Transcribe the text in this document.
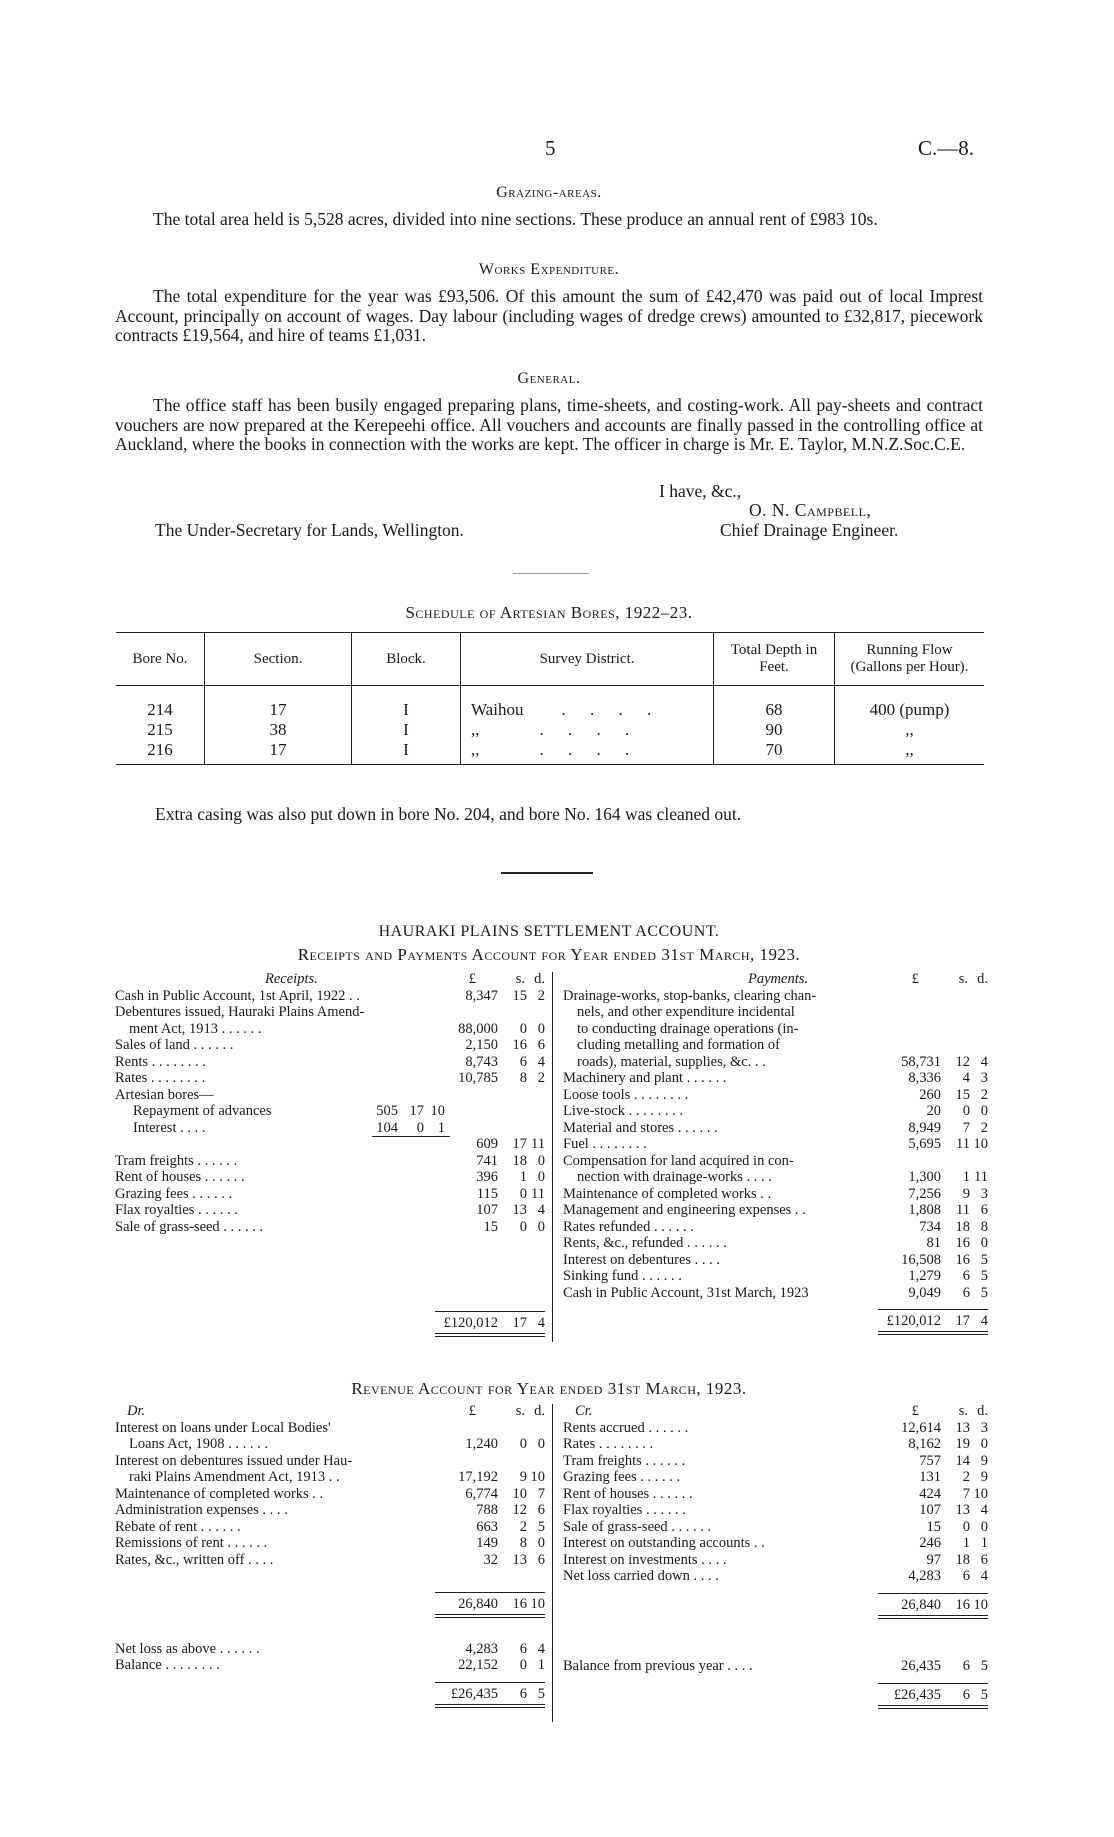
5	C.—8.
Grazing-areas.

The total area held is 5,528 acres, divided into nine sections. These produce an annual rent of £983 10s.

Works Expenditure.

The total expenditure for the year was £93,506. Of this amount the sum of £42,470 was paid out of local Imprest Account, principally on account of wages. Day labour (including wages of dredge crews) amounted to £32,817, piecework contracts £19,564, and hire of teams £1,031.

General.

The office staff has been busily engaged preparing plans, time-sheets, and costing-work. All pay-sheets and contract vouchers are now prepared at the Kerepeehi office. All vouchers and accounts are finally passed in the controlling office at Auckland, where the books in connection with the works are kept. The officer in charge is Mr. E. Taylor, M.N.Z.Soc.C.E.

I have, &c.,
O. N. Campbell,
The Under-Secretary for Lands, Wellington.	Chief Drainage Engineer.
Schedule of Artesian Bores, 1922–23.
Bore No.	Section.	Block.	Survey District.	Total Depth in Feet.	Running Flow (Gallons per Hour).

214	17	I	Waihou . . . .	68	400 (pump)
215	38	I	,, . . . .	90	,,
216	17	I	,, . . . .	70	,,
Extra casing was also put down in bore No. 204, and bore No. 164 was cleaned out.
HAURAKI PLAINS SETTLEMENT ACCOUNT.
Receipts and Payments Account for Year ended 31st March, 1923.
Receipts.	£	s. d.
Cash in Public Account, 1st April, 1922 . .	8,347 15 2
Debentures issued, Hauraki Plains Amend-
ment Act, 1913 . . . . . .	88,000 0 0
Sales of land . . . . . .	2,150 16 6
Rents . . . . . . . .	8,743 6 4
Rates . . . . . . . .	10,785 8 2
Artesian bores—
Repayment of advances	505 17 10
Interest . . . .	104 0 1
609 17 11
Tram freights . . . . . .	741 18 0
Rent of houses . . . . . .	396 1 0
Grazing fees . . . . . .	115 0 11
Flax royalties . . . . . .	107 13 4
Sale of grass-seed . . . . . .	15 0 0
£120,012 17 4
Payments.	£	s. d.
Drainage-works, stop-banks, clearing chan-
nels, and other expenditure incidental
to conducting drainage operations (in-
cluding metalling and formation of
roads), material, supplies, &c. . .	58,731 12 4
Machinery and plant . . . . . .	8,336 4 3
Loose tools . . . . . . . .	260 15 2
Live-stock . . . . . . . .	20 0 0
Material and stores . . . . . .	8,949 7 2
Fuel . . . . . . . .	5,695 11 10
Compensation for land acquired in con-
nection with drainage-works . . . .	1,300 1 11
Maintenance of completed works . .	7,256 9 3
Management and engineering expenses . .	1,808 11 6
Rates refunded . . . . . .	734 18 8
Rents, &c., refunded . . . . . .	81 16 0
Interest on debentures . . . .	16,508 16 5
Sinking fund . . . . . .	1,279 6 5
Cash in Public Account, 31st March, 1923	9,049 6 5
£120,012 17 4
Revenue Account for Year ended 31st March, 1923.
Dr.	£	s. d.
Interest on loans under Local Bodies'
Loans Act, 1908 . . . . . .	1,240 0 0
Interest on debentures issued under Hau-
raki Plains Amendment Act, 1913 . .	17,192 9 10
Maintenance of completed works . .	6,774 10 7
Administration expenses . . . .	788 12 6
Rebate of rent . . . . . .	663 2 5
Remissions of rent . . . . . .	149 8 0
Rates, &c., written off . . . .	32 13 6
26,840 16 10
Net loss as above . . . . . .	4,283 6 4
Balance . . . . . . . .	22,152 0 1
£26,435 6 5
Cr.	£	s. d.
Rents accrued . . . . . .	12,614 13 3
Rates . . . . . . . .	8,162 19 0
Tram freights . . . . . .	757 14 9
Grazing fees . . . . . .	131 2 9
Rent of houses . . . . . .	424 7 10
Flax royalties . . . . . .	107 13 4
Sale of grass-seed . . . . . .	15 0 0
Interest on outstanding accounts . .	246 1 1
Interest on investments . . . .	97 18 6
Net loss carried down . . . .	4,283 6 4
26,840 16 10
Balance from previous year . . . .	26,435 6 5
£26,435 6 5
